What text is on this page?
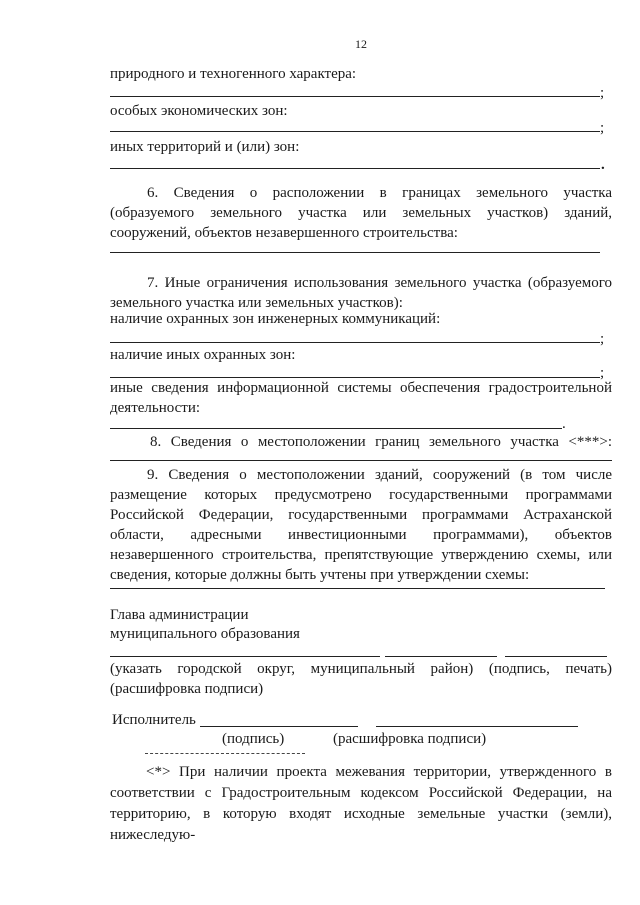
12
природного и техногенного характера:
;
особых экономических зон:
;
иных территорий и (или) зон:
.

6. Сведения о расположении в границах земельного участка (образуемого земельного участка или земельных участков) зданий, сооружений, объектов незавершенного строительства:

7. Иные ограничения использования земельного участка (образуемого земельного участка или земельных участков):

наличие охранных зон инженерных коммуникаций:
;
наличие иных охранных зон:
;

иные сведения информационной системы обеспечения градостроительной деятельности:

.

8. Сведения о местоположении границ земельного участка <***>:

9. Сведения о местоположении зданий, сооружений (в том числе размещение которых предусмотрено государственными программами Российской Федерации, государственными программами Астраханской области, адресными инвестиционными программами), объектов незавершенного строительства, препятствующие утверждению схемы, или сведения, которые должны быть учтены при утверждении схемы:

Глава администрации
муниципального образования

(указать городской округ, муниципальный район) (подпись, печать) (расшифровка подписи)

Исполнитель
(подпись)	(расшифровка подписи)

<*> При наличии проекта межевания территории, утвержденного в соответствии с Градостроительным кодексом Российской Федерации, на территорию, в которую входят исходные земельные участки (земли), нижеследую-
